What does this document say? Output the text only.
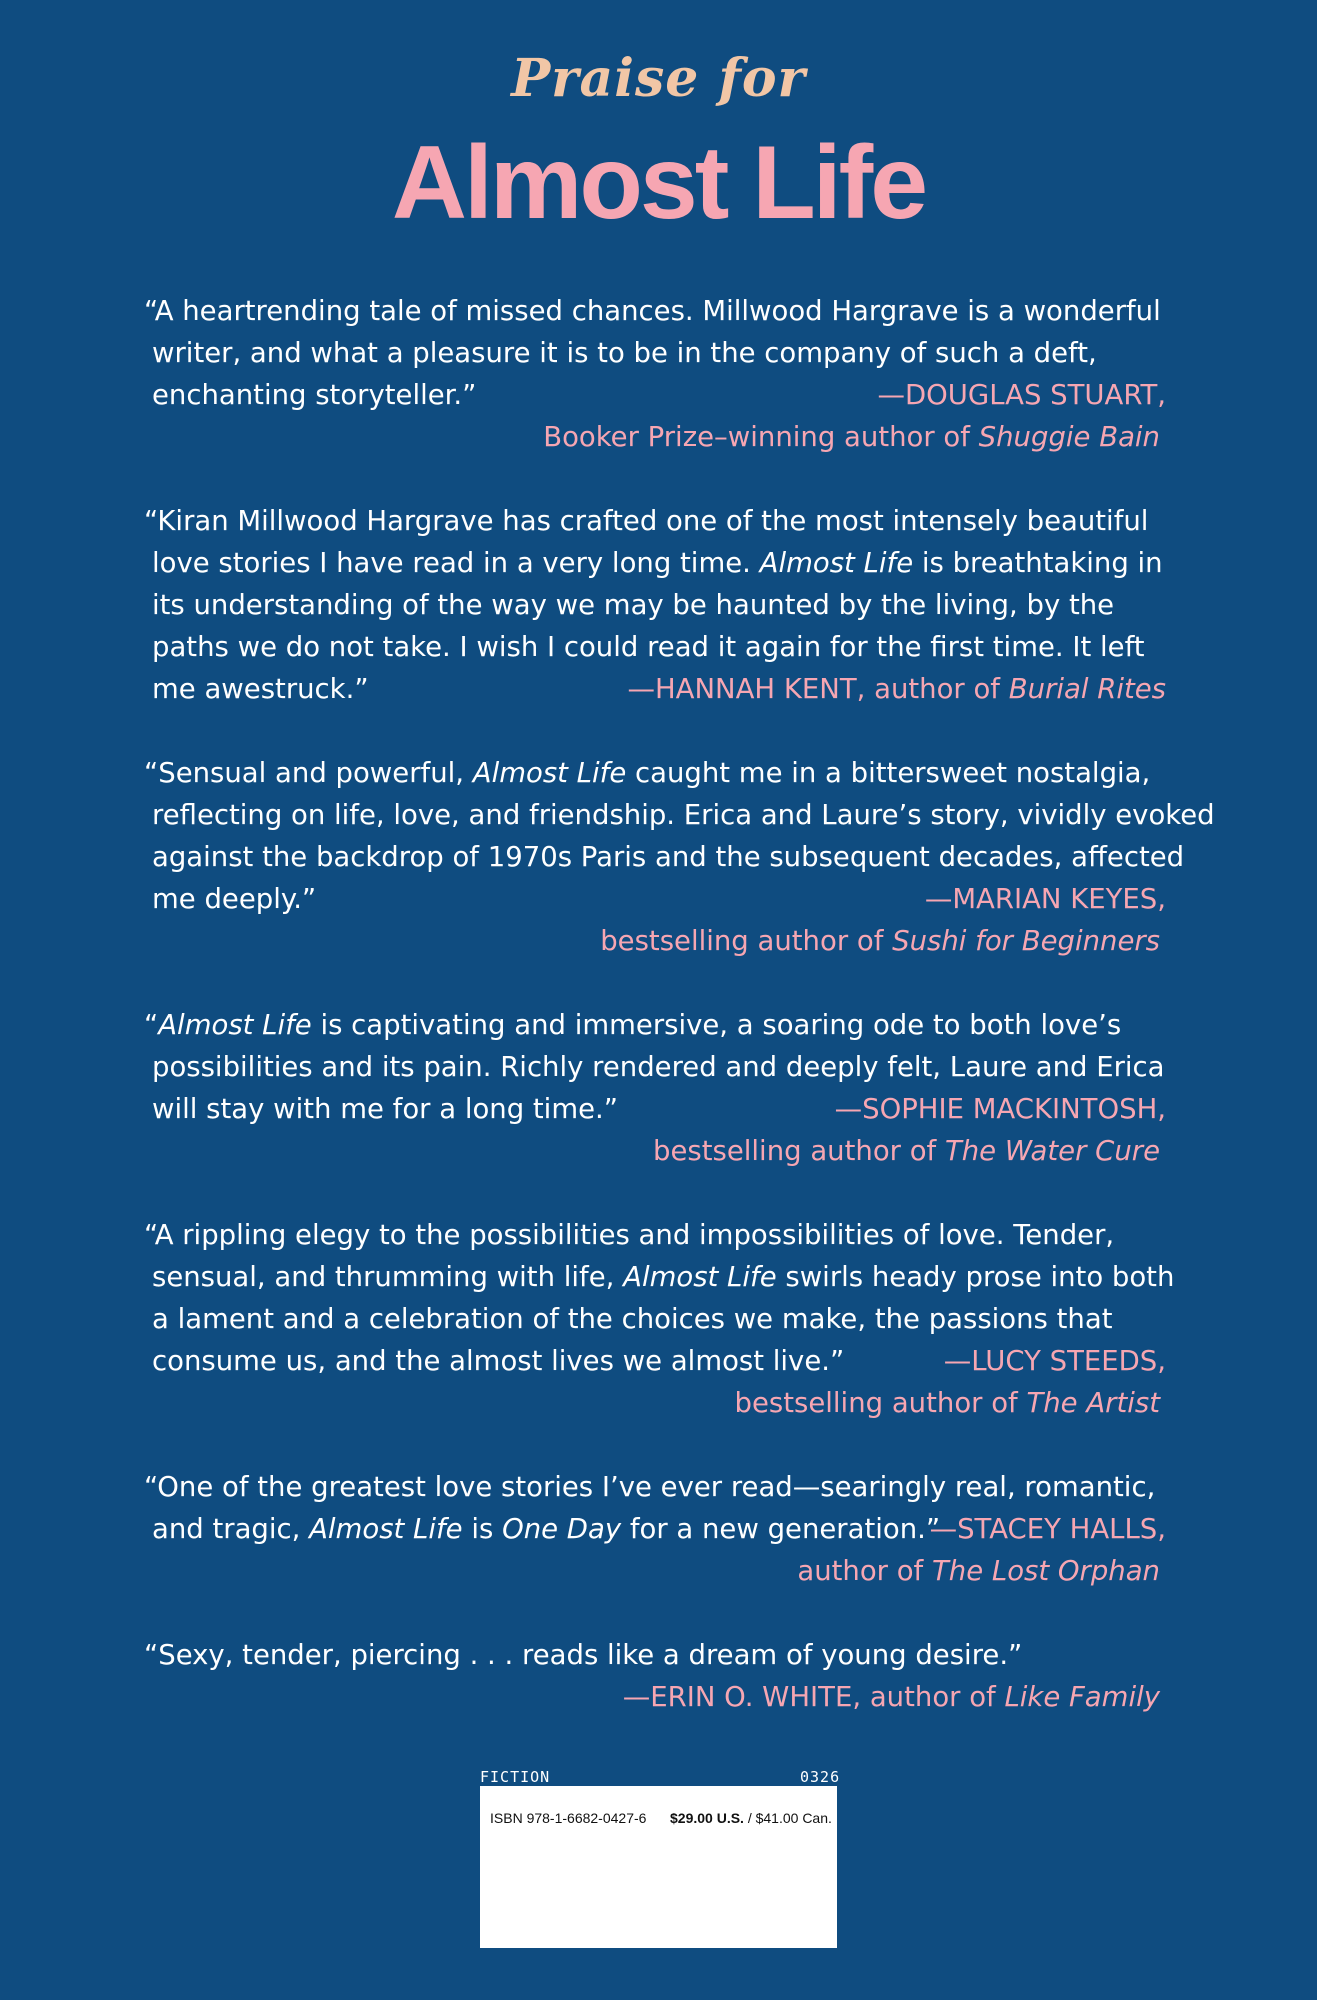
Praise for
Almost Life
“A heartrending tale of missed chances. Millwood Hargrave is a wonderful
writer, and what a pleasure it is to be in the company of such a deft,
enchanting storyteller.”	—DOUGLAS STUART,
Booker Prize–winning author of Shuggie Bain
“Kiran Millwood Hargrave has crafted one of the most intensely beautiful
love stories I have read in a very long time. Almost Life is breathtaking in
its understanding of the way we may be haunted by the living, by the
paths we do not take. I wish I could read it again for the first time. It left
me awestruck.”	—HANNAH KENT, author of Burial Rites
“Sensual and powerful, Almost Life caught me in a bittersweet nostalgia,
reflecting on life, love, and friendship. Erica and Laure’s story, vividly evoked
against the backdrop of 1970s Paris and the subsequent decades, affected
me deeply.”	—MARIAN KEYES,
bestselling author of Sushi for Beginners
“Almost Life is captivating and immersive, a soaring ode to both love’s
possibilities and its pain. Richly rendered and deeply felt, Laure and Erica
will stay with me for a long time.”	—SOPHIE MACKINTOSH,
bestselling author of The Water Cure
“A rippling elegy to the possibilities and impossibilities of love. Tender,
sensual, and thrumming with life, Almost Life swirls heady prose into both
a lament and a celebration of the choices we make, the passions that
consume us, and the almost lives we almost live.”	—LUCY STEEDS,
bestselling author of The Artist
“One of the greatest love stories I’ve ever read—searingly real, romantic,
and tragic, Almost Life is One Day for a new generation.”
—STACEY HALLS,
author of The Lost Orphan
“Sexy, tender, piercing . . . reads like a dream of young desire.”
—ERIN O. WHITE, author of Like Family
FICTION	0326
ISBN 978-1-6682-0427-6 $29.00 U.S. / $41.00 Can.
